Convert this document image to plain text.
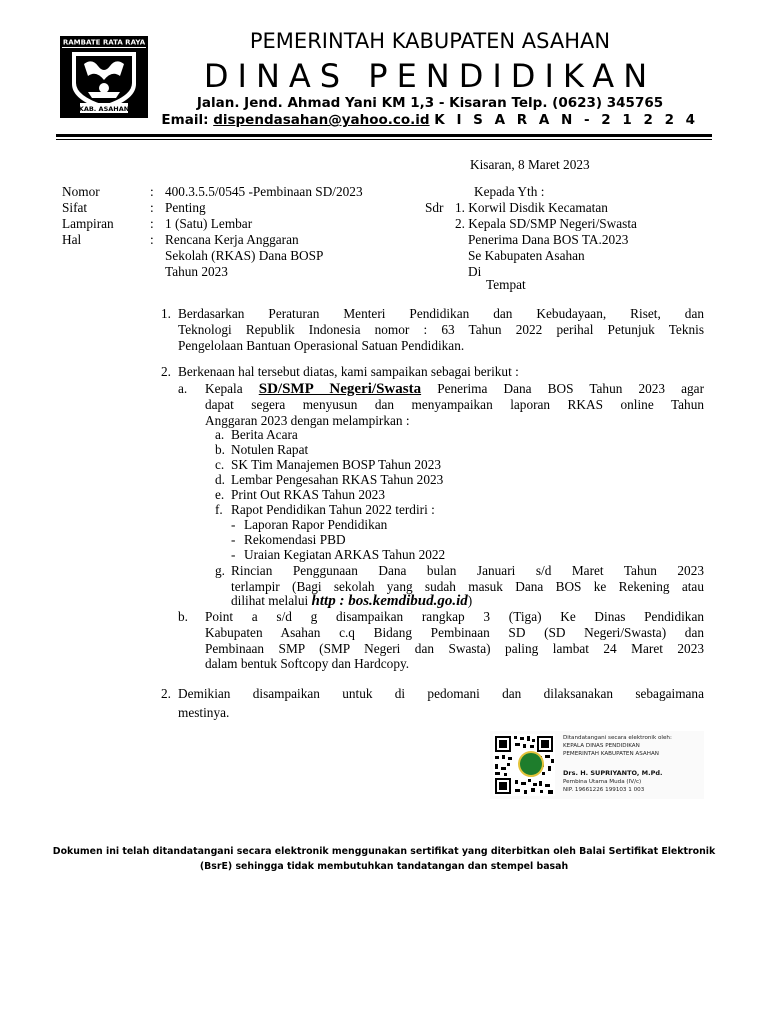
RAMBATE RATA RAYA
KAB. ASAHAN
PEMERINTAH KABUPATEN ASAHAN
DINAS PENDIDIKAN
Jalan. Jend. Ahmad Yani KM 1,3 - Kisaran Telp. (0623) 345765
Email: dispendasahan@yahoo.co.id K I S A R A N - 2 1 2 2 4
Kisaran, 8 Maret 2023
Nomor	: 400.3.5.5/0545 -Pembinaan SD/2023
Sifat	: Penting
Lampiran	: 1 (Satu) Lembar
Hal	: Rencana Kerja Anggaran
Sekolah (RKAS) Dana BOSP
Tahun 2023
Kepada Yth :
Sdr 1. Korwil Disdik Kecamatan
2. Kepala SD/SMP Negeri/Swasta
Penerima Dana BOS TA.2023
Se Kabupaten Asahan
Di
Tempat
1. Berdasarkan Peraturan Menteri Pendidikan dan Kebudayaan, Riset, dan
Teknologi Republik Indonesia nomor : 63 Tahun 2022 perihal Petunjuk Teknis
Pengelolaan Bantuan Operasional Satuan Pendidikan.
2. Berkenaan hal tersebut diatas, kami sampaikan sebagai berikut :
a. Kepala SD/SMP Negeri/Swasta Penerima Dana BOS Tahun 2023 agar
dapat segera menyusun dan menyampaikan laporan RKAS online Tahun
Anggaran 2023 dengan melampirkan :
a. Berita Acara
b. Notulen Rapat
c. SK Tim Manajemen BOSP Tahun 2023
d. Lembar Pengesahan RKAS Tahun 2023
e. Print Out RKAS Tahun 2023
f. Rapot Pendidikan Tahun 2022 terdiri :
- Laporan Rapor Pendidikan
- Rekomendasi PBD
- Uraian Kegiatan ARKAS Tahun 2022
g. Rincian Penggunaan Dana bulan Januari s/d Maret Tahun 2023
terlampir (Bagi sekolah yang sudah masuk Dana BOS ke Rekening atau
dilihat melalui http : bos.kemdibud.go.id)
b. Point a s/d g disampaikan rangkap 3 (Tiga) Ke Dinas Pendidikan
Kabupaten Asahan c.q Bidang Pembinaan SD (SD Negeri/Swasta) dan
Pembinaan SMP (SMP Negeri dan Swasta) paling lambat 24 Maret 2023
dalam bentuk Softcopy dan Hardcopy.
2. Demikian disampaikan untuk di pedomani dan dilaksanakan sebagaimana
mestinya.
Ditandatangani secara elektronik oleh:
KEPALA DINAS PENDIDIKAN
PEMERINTAH KABUPATEN ASAHAN
Drs. H. SUPRIYANTO, M.Pd.
Pembina Utama Muda (IV/c)
NIP. 19661226 199103 1 003
Dokumen ini telah ditandatangani secara elektronik menggunakan sertifikat yang diterbitkan oleh Balai Sertifikat Elektronik
(BsrE) sehingga tidak membutuhkan tandatangan dan stempel basah
